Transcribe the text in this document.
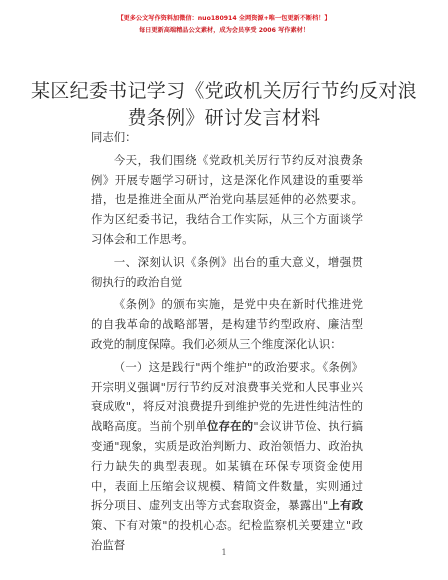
【更多公文写作资料加微信：nuo180914 全网资源+唯一包更新不断档！】
每日更新高端精品公文素材，成为会员享受 2006 写作素材！
某区纪委书记学习《党政机关厉行节约反对浪
费条例》研讨发言材料

同志们：

今天，我们围绕《党政机关厉行节约反对浪费条例》开展专题学习研讨，这是深化作风建设的重要举措，也是推进全面从严治党向基层延伸的必然要求。作为区纪委书记，我结合工作实际，从三个方面谈学习体会和工作思考。

一、深刻认识《条例》出台的重大意义，增强贯彻执行的政治自觉

《条例》的颁布实施，是党中央在新时代推进党的自我革命的战略部署，是构建节约型政府、廉洁型政党的制度保障。我们必须从三个维度深化认识：

（一）这是践行"两个维护"的政治要求。《条例》开宗明义强调"厉行节约反对浪费事关党和人民事业兴衰成败"，将反对浪费提升到维护党的先进性纯洁性的战略高度。当前个别单位存在的"会议讲节俭、执行搞变通"现象，实质是政治判断力、政治领悟力、政治执行力缺失的典型表现。如某镇在环保专项资金使用中，表面上压缩会议规模、精简文件数量，实则通过拆分项目、虚列支出等方式套取资金，暴露出"上有政策、下有对策"的投机心态。纪检监察机关要建立"政治监督

1
